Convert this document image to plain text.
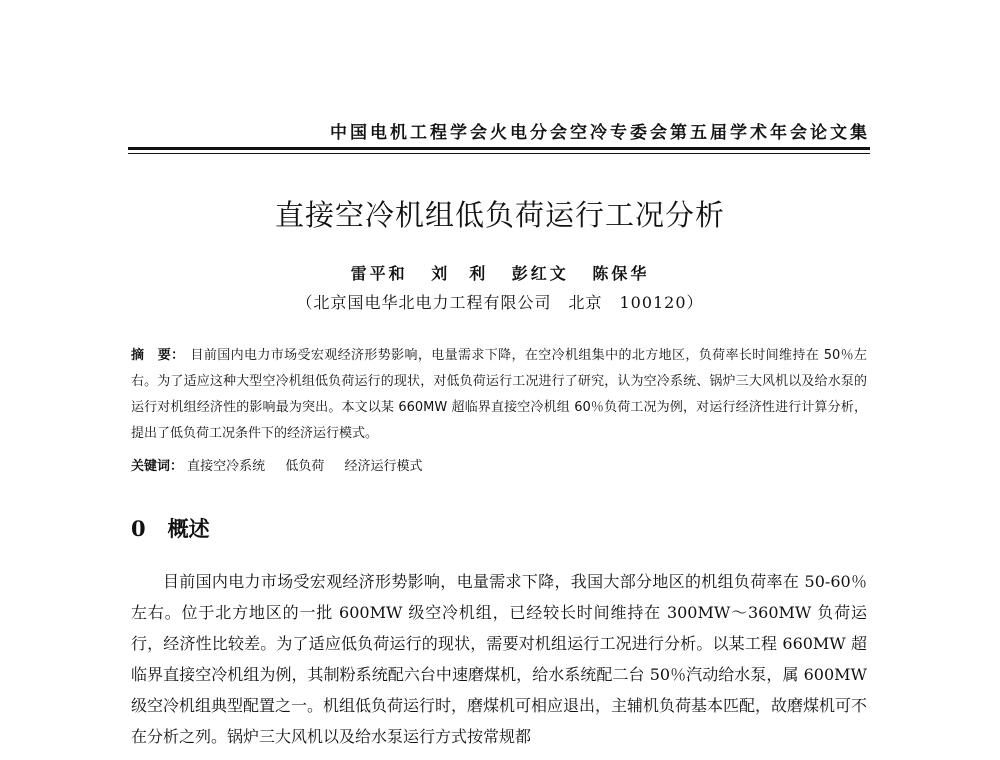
中国电机工程学会火电分会空冷专委会第五届学术年会论文集
直接空冷机组低负荷运行工况分析
雷平和 刘　利 彭红文 陈保华
（北京国电华北电力工程有限公司　北京　100120）
摘　要： 目前国内电力市场受宏观经济形势影响，电量需求下降，在空冷机组集中的北方地区，负荷率长时间维持在 50％左右。为了适应这种大型空冷机组低负荷运行的现状，对低负荷运行工况进行了研究，认为空冷系统、锅炉三大风机以及给水泵的运行对机组经济性的影响最为突出。本文以某 660MW 超临界直接空冷机组 60％负荷工况为例，对运行经济性进行计算分析，提出了低负荷工况条件下的经济运行模式。
关键词： 直接空冷系统 低负荷 经济运行模式
0 概述
目前国内电力市场受宏观经济形势影响，电量需求下降，我国大部分地区的机组负荷率在 50-60％左右。位于北方地区的一批 600MW 级空冷机组，已经较长时间维持在 300MW～360MW 负荷运行，经济性比较差。为了适应低负荷运行的现状，需要对机组运行工况进行分析。以某工程 660MW 超临界直接空冷机组为例，其制粉系统配六台中速磨煤机，给水系统配二台 50％汽动给水泵，属 600MW 级空冷机组典型配置之一。机组低负荷运行时，磨煤机可相应退出，主辅机负荷基本匹配，故磨煤机可不在分析之列。锅炉三大风机以及给水泵运行方式按常规都
